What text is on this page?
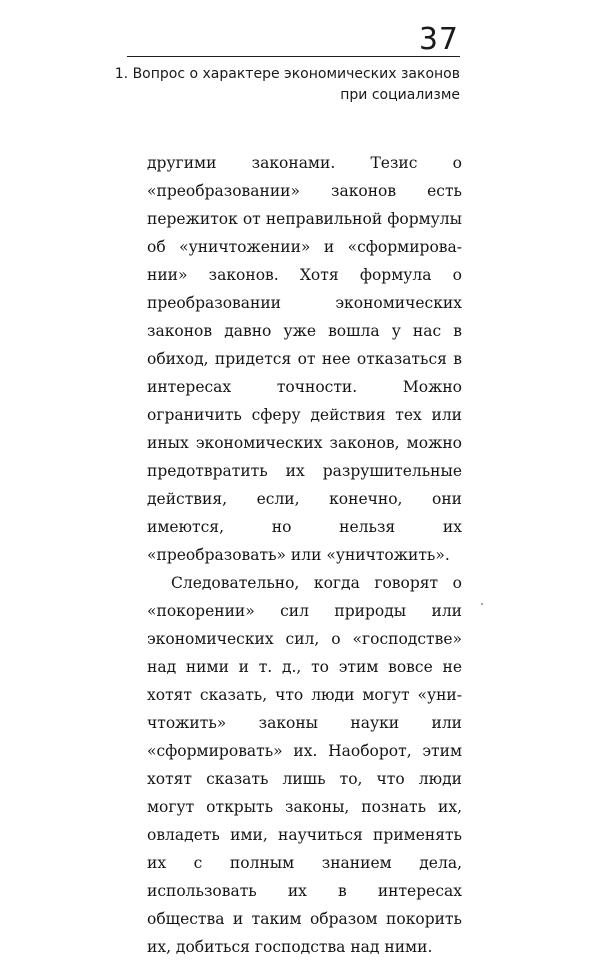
37
1. Вопрос о характере экономических законов
при социализме

другими законами. Тезис о «преобразовании» законов есть пережиток от неправильной формулы об «уничтожении» и «сформировании» законов. Хотя формула о преобразовании экономических законов давно уже вошла у нас в обиход, придется от нее отказаться в интересах точности. Можно ограничить сферу действия тех или иных экономических законов, можно предотвратить их разрушительные действия, если, конечно, они имеются, но нельзя их «преобразовать» или «уничтожить».

Следовательно, когда говорят о «покорении» сил природы или экономических сил, о «господстве» над ними и т. д., то этим вовсе не хотят сказать, что люди могут «уничтожить» законы науки или «сформировать» их. Наоборот, этим хотят сказать лишь то, что люди могут открыть законы, познать их, овладеть ими, научиться применять их с полным знанием дела, использовать их в интересах общества и таким образом покорить их, добиться господства над ними.
